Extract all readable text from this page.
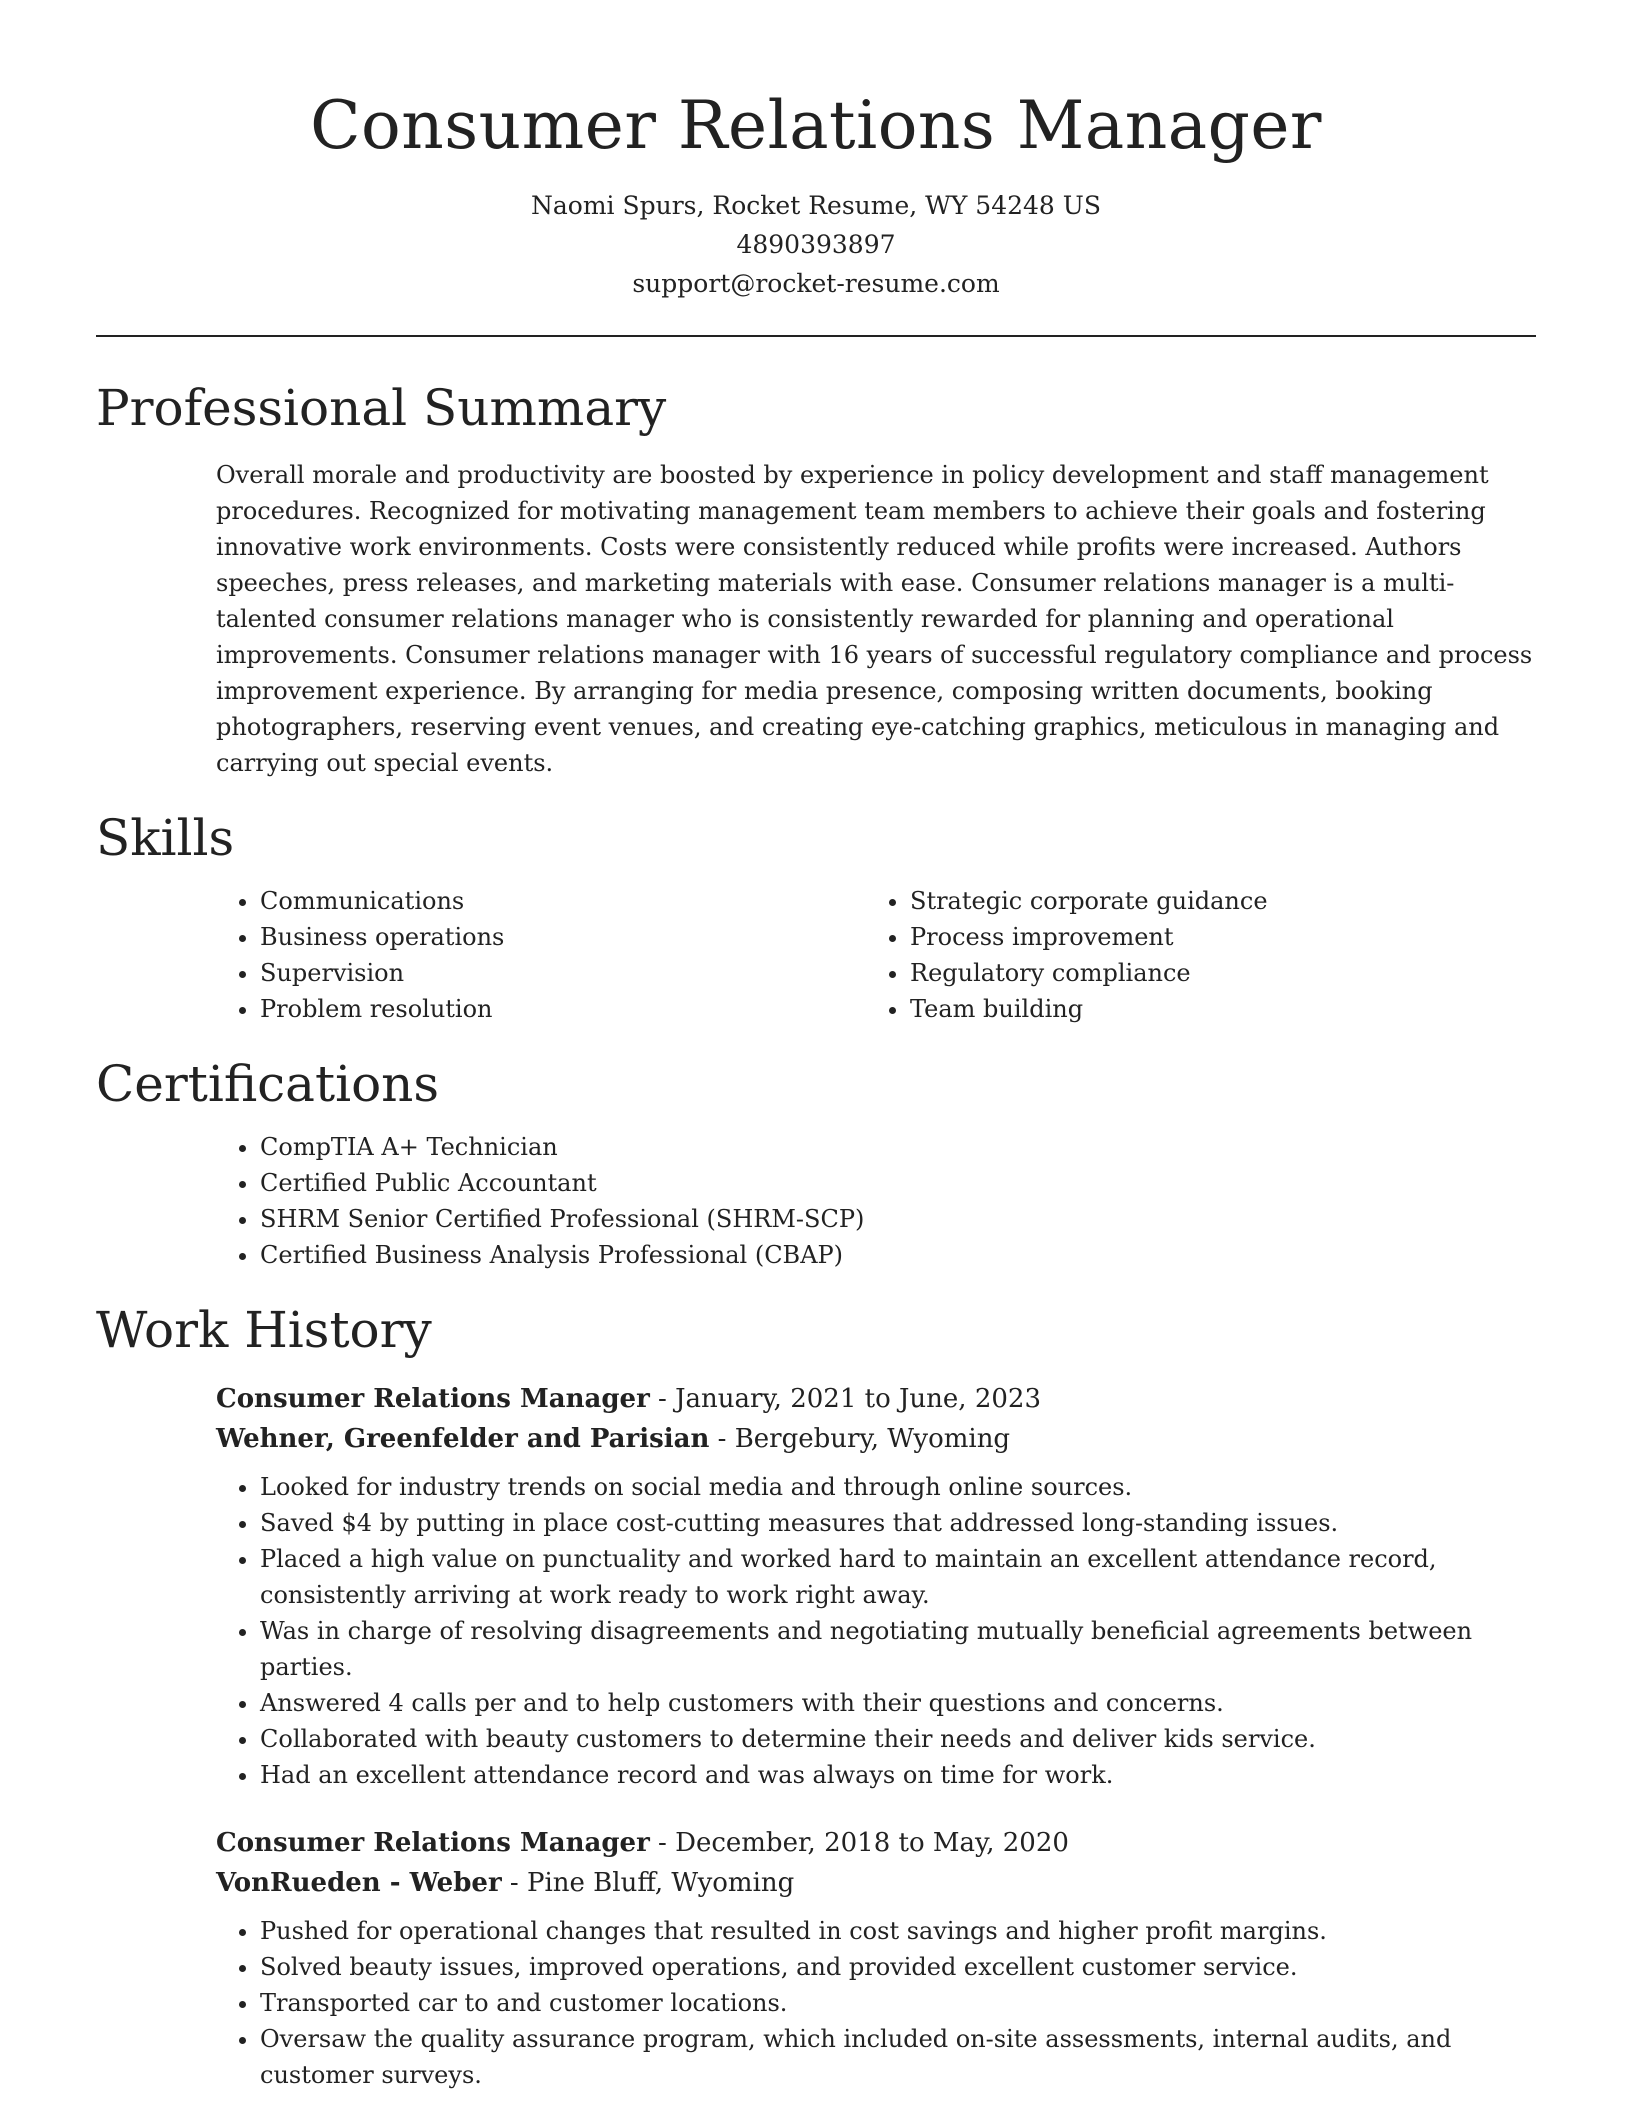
Consumer Relations Manager
Naomi Spurs, Rocket Resume, WY 54248 US
4890393897
support@rocket-resume.com
Professional Summary

Overall morale and productivity are boosted by experience in policy development and staff management procedures. Recognized for motivating management team members to achieve their goals and fostering innovative work environments. Costs were consistently reduced while profits were increased. Authors speeches, press releases, and marketing materials with ease. Consumer relations manager is a multi-talented consumer relations manager who is consistently rewarded for planning and operational improvements. Consumer relations manager with 16 years of successful regulatory compliance and process improvement experience. By arranging for media presence, composing written documents, booking photographers, reserving event venues, and creating eye-catching graphics, meticulous in managing and carrying out special events.

Skills
• Communications
• Business operations
• Supervision
• Problem resolution
• Strategic corporate guidance
• Process improvement
• Regulatory compliance
• Team building
Certifications
• CompTIA A+ Technician
• Certified Public Accountant
• SHRM Senior Certified Professional (SHRM-SCP)
• Certified Business Analysis Professional (CBAP)
Work History
Consumer Relations Manager - January, 2021 to June, 2023
Wehner, Greenfelder and Parisian - Bergebury, Wyoming
• Looked for industry trends on social media and through online sources.
• Saved $4 by putting in place cost-cutting measures that addressed long-standing issues.
• Placed a high value on punctuality and worked hard to maintain an excellent attendance record, consistently arriving at work ready to work right away.
• Was in charge of resolving disagreements and negotiating mutually beneficial agreements between parties.
• Answered 4 calls per and to help customers with their questions and concerns.
• Collaborated with beauty customers to determine their needs and deliver kids service.
• Had an excellent attendance record and was always on time for work.
Consumer Relations Manager - December, 2018 to May, 2020
VonRueden - Weber - Pine Bluff, Wyoming
• Pushed for operational changes that resulted in cost savings and higher profit margins.
• Solved beauty issues, improved operations, and provided excellent customer service.
• Transported car to and customer locations.
• Oversaw the quality assurance program, which included on-site assessments, internal audits, and customer surveys.
